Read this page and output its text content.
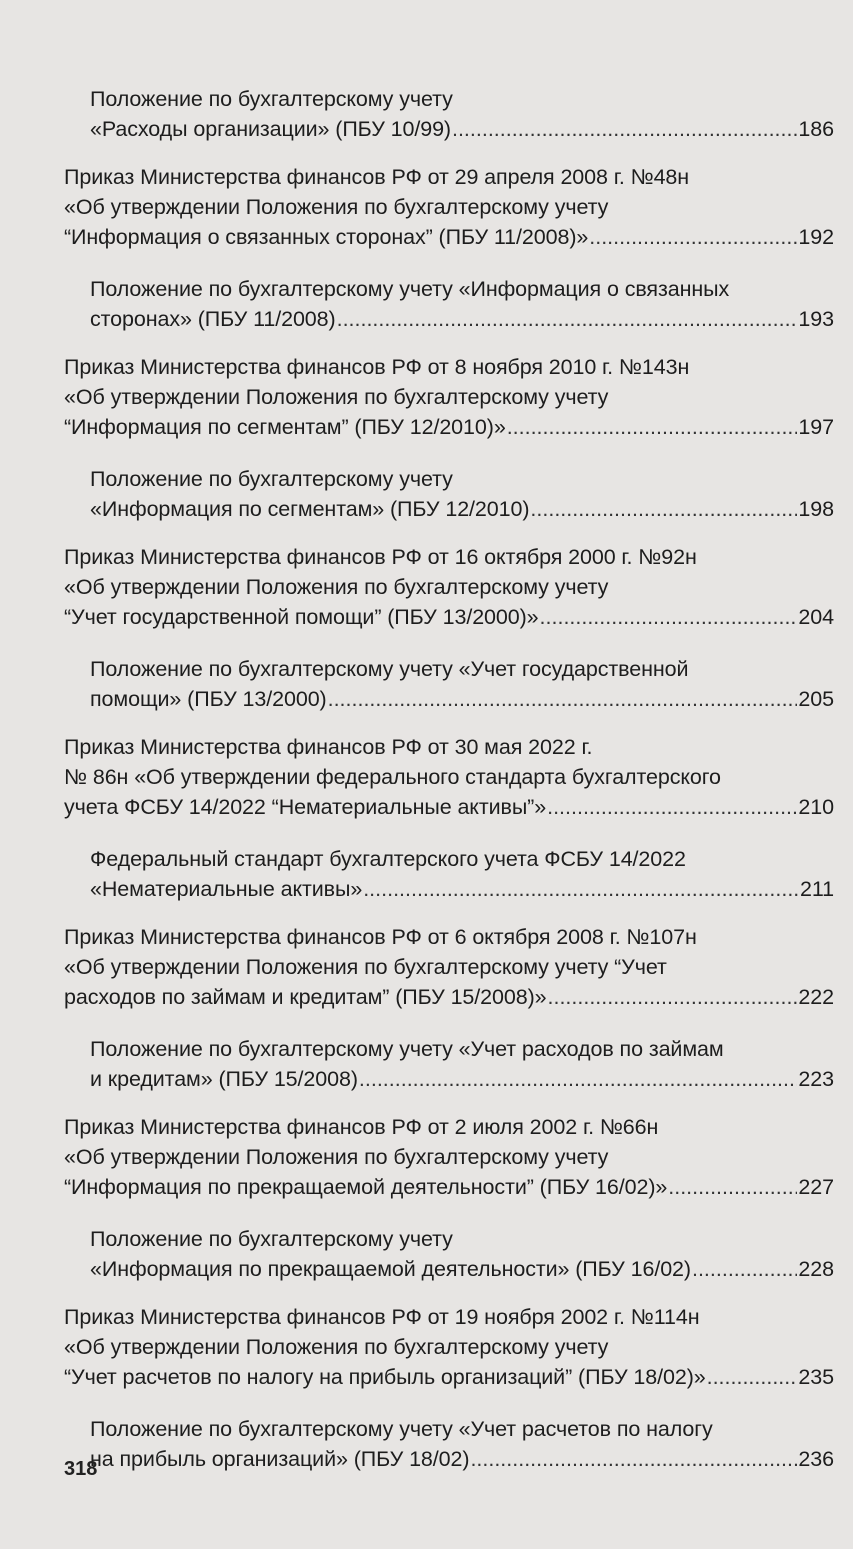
Положение по бухгалтерскому учету
«Расходы организации» (ПБУ 10/99) .....	186
Приказ Министерства финансов РФ от 29 апреля 2008 г. №48н
«Об утверждении Положения по бухгалтерскому учету
“Информация о связанных сторонах” (ПБУ 11/2008)» .....	192
Положение по бухгалтерскому учету «Информация о связанных
сторонах» (ПБУ 11/2008) .....	193
Приказ Министерства финансов РФ от 8 ноября 2010 г. №143н
«Об утверждении Положения по бухгалтерскому учету
“Информация по сегментам” (ПБУ 12/2010)» .....	197
Положение по бухгалтерскому учету
«Информация по сегментам» (ПБУ 12/2010) .....	198
Приказ Министерства финансов РФ от 16 октября 2000 г. №92н
«Об утверждении Положения по бухгалтерскому учету
“Учет государственной помощи” (ПБУ 13/2000)» .....	204
Положение по бухгалтерскому учету «Учет государственной
помощи» (ПБУ 13/2000) .....	205
Приказ Министерства финансов РФ от 30 мая 2022 г.
№ 86н «Об утверждении федерального стандарта бухгалтерского
учета ФСБУ 14/2022 “Нематериальные активы”» .....	210
Федеральный стандарт бухгалтерского учета ФСБУ 14/2022
«Нематериальные активы» .....	211
Приказ Министерства финансов РФ от 6 октября 2008 г. №107н
«Об утверждении Положения по бухгалтерскому учету “Учет
расходов по займам и кредитам” (ПБУ 15/2008)» .....	222
Положение по бухгалтерскому учету «Учет расходов по займам
и кредитам» (ПБУ 15/2008) .....	223
Приказ Министерства финансов РФ от 2 июля 2002 г. №66н
«Об утверждении Положения по бухгалтерскому учету
“Информация по прекращаемой деятельности” (ПБУ 16/02)» .....	227
Положение по бухгалтерскому учету
«Информация по прекращаемой деятельности» (ПБУ 16/02) .....	228
Приказ Министерства финансов РФ от 19 ноября 2002 г. №114н
«Об утверждении Положения по бухгалтерскому учету
“Учет расчетов по налогу на прибыль организаций” (ПБУ 18/02)» .....	235
Положение по бухгалтерскому учету «Учет расчетов по налогу
на прибыль организаций» (ПБУ 18/02) .....	236
318
